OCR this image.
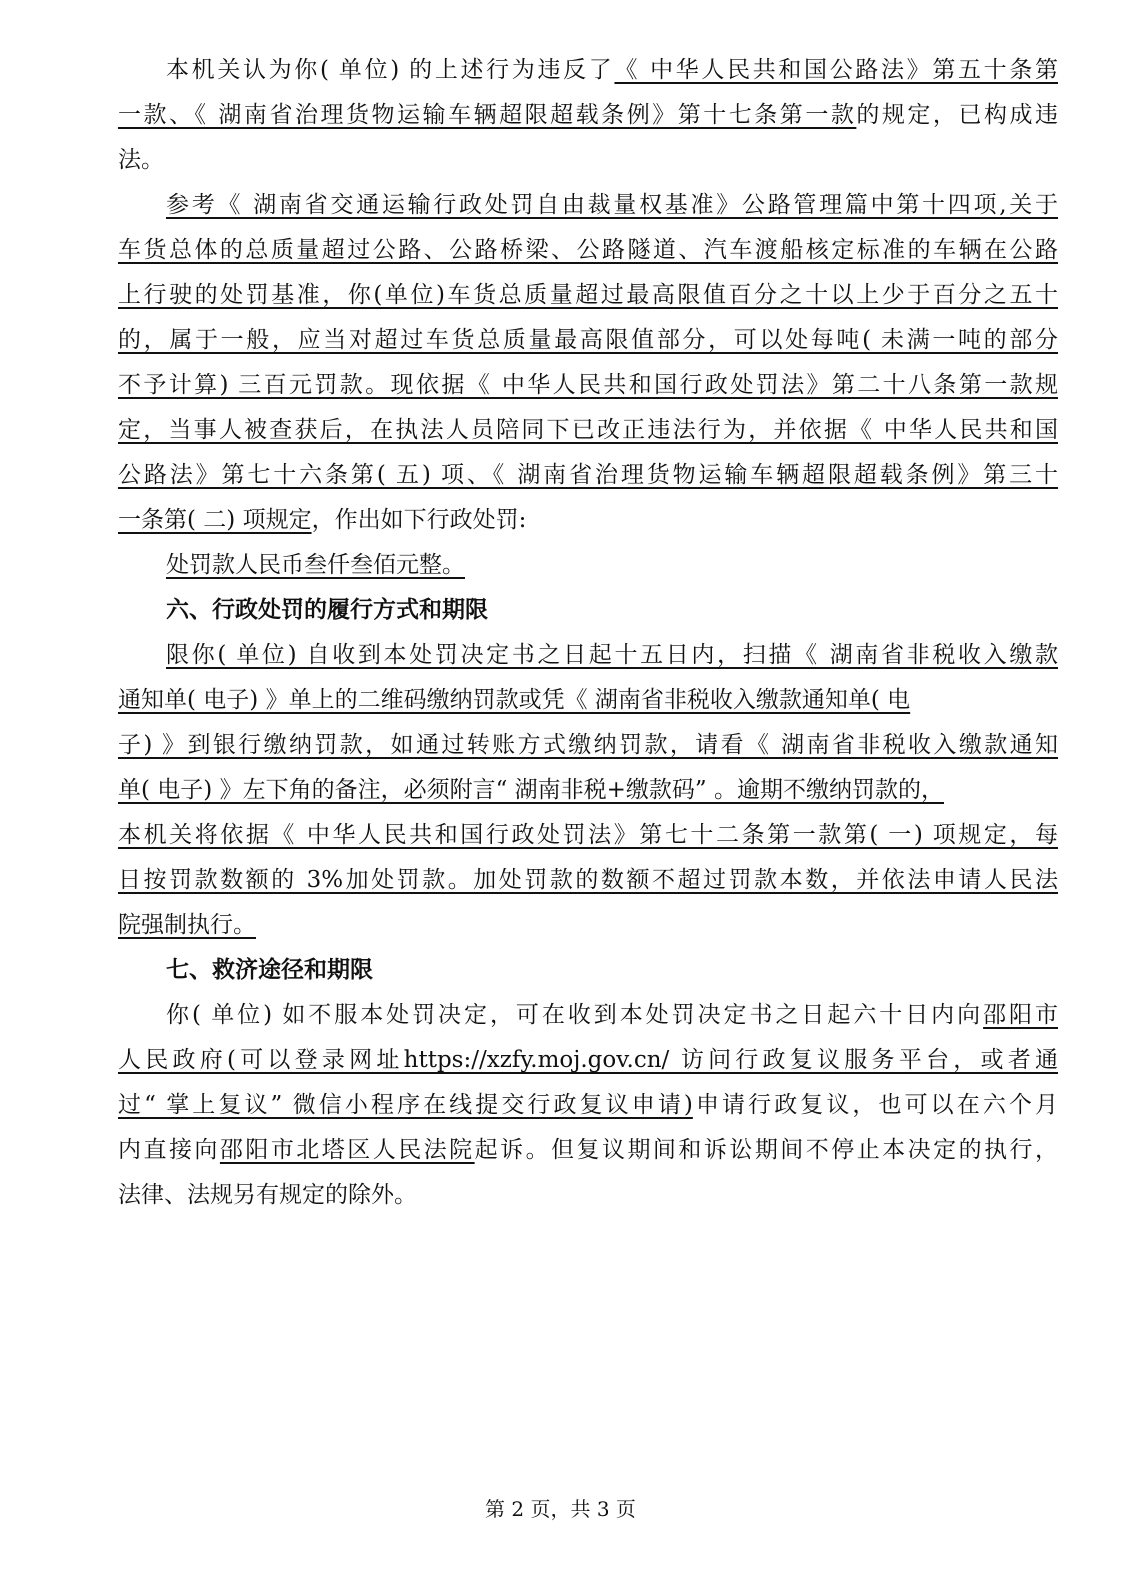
本机关认为你( 单位) 的上述行为违反了《 中华人民共和国公路法》第五十条第
一款、《 湖南省治理货物运输车辆超限超载条例》第十七条第一款的规定，已构成违
法。
参考《 湖南省交通运输行政处罚自由裁量权基准》公路管理篇中第十四项,关于
车货总体的总质量超过公路、公路桥梁、公路隧道、汽车渡船核定标准的车辆在公路
上行驶的处罚基准，你(单位)车货总质量超过最高限值百分之十以上少于百分之五十
的，属于一般，应当对超过车货总质量最高限值部分，可以处每吨( 未满一吨的部分
不予计算) 三百元罚款。现依据《 中华人民共和国行政处罚法》第二十八条第一款规
定，当事人被查获后，在执法人员陪同下已改正违法行为，并依据《 中华人民共和国
公路法》第七十六条第( 五) 项、《 湖南省治理货物运输车辆超限超载条例》第三十
一条第( 二) 项规定，作出如下行政处罚:
处罚款人民币叁仟叁佰元整。
六、行政处罚的履行方式和期限
限你( 单位) 自收到本处罚决定书之日起十五日内，扫描《 湖南省非税收入缴款
通知单( 电子) 》单上的二维码缴纳罚款或凭《 湖南省非税收入缴款通知单( 电
子) 》到银行缴纳罚款，如通过转账方式缴纳罚款，请看《 湖南省非税收入缴款通知
单( 电子) 》左下角的备注，必须附言“ 湖南非税+缴款码” 。逾期不缴纳罚款的，
本机关将依据《 中华人民共和国行政处罚法》第七十二条第一款第( 一) 项规定，每
日按罚款数额的 3%加处罚款。加处罚款的数额不超过罚款本数，并依法申请人民法
院强制执行。
七、救济途径和期限
你( 单位) 如不服本处罚决定，可在收到本处罚决定书之日起六十日内向邵阳市
人民政府(可以登录网址https://xzfy.moj.gov.cn/ 访问行政复议服务平台，或者通
过“ 掌上复议” 微信小程序在线提交行政复议申请)申请行政复议，也可以在六个月
内直接向邵阳市北塔区人民法院起诉。但复议期间和诉讼期间不停止本决定的执行，
法律、法规另有规定的除外。
第 2 页，共 3 页
